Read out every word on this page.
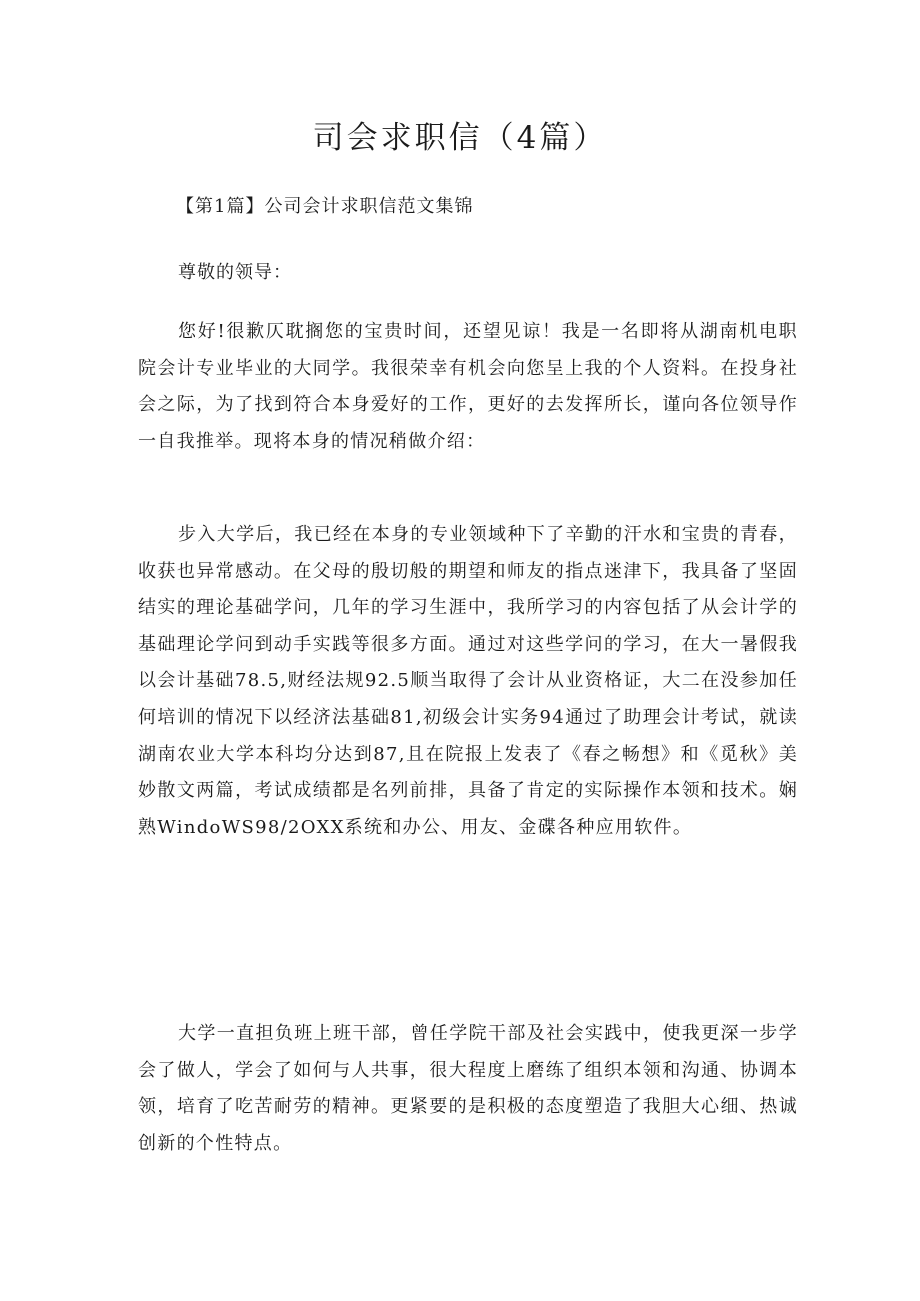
司会求职信（4篇）
【第1篇】公司会计求职信范文集锦
尊敬的领导：

您好!很歉仄耽搁您的宝贵时间，还望见谅！我是一名即将从湖南机电职院会计专业毕业的大同学。我很荣幸有机会向您呈上我的个人资料。在投身社会之际，为了找到符合本身爱好的工作，更好的去发挥所长，谨向各位领导作一自我推举。现将本身的情况稍做介绍：

步入大学后，我已经在本身的专业领域种下了辛勤的汗水和宝贵的青春，收获也异常感动。在父母的殷切般的期望和师友的指点迷津下，我具备了坚固结实的理论基础学问，几年的学习生涯中，我所学习的内容包括了从会计学的基础理论学问到动手实践等很多方面。通过对这些学问的学习，在大一暑假我以会计基础78.5,财经法规92.5顺当取得了会计从业资格证，大二在没参加任何培训的情况下以经济法基础81,初级会计实务94通过了助理会计考试，就读湖南农业大学本科均分达到87,且在院报上发表了《春之畅想》和《觅秋》美妙散文两篇，考试成绩都是名列前排，具备了肯定的实际操作本领和技术。娴熟WindoWS98/2OXX系统和办公、用友、金碟各种应用软件。

大学一直担负班上班干部，曾任学院干部及社会实践中，使我更深一步学会了做人，学会了如何与人共事，很大程度上磨练了组织本领和沟通、协调本领，培育了吃苦耐劳的精神。更紧要的是积极的态度塑造了我胆大心细、热诚创新的个性特点。
